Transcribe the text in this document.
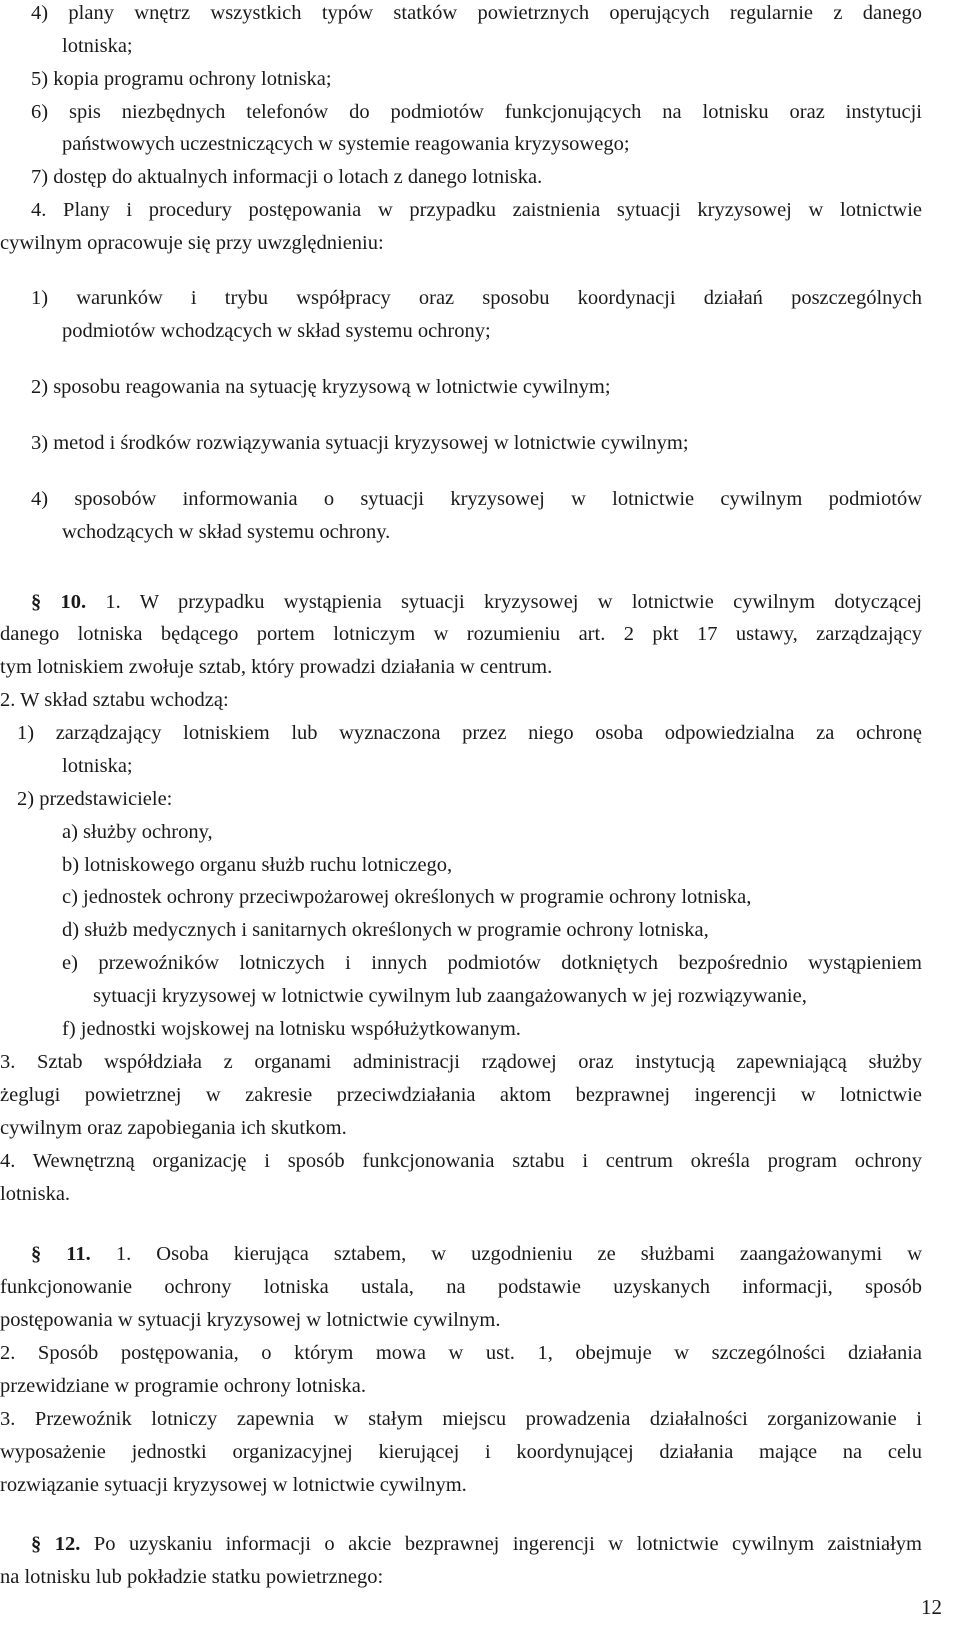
4) plany wnętrz wszystkich typów statków powietrznych operujących regularnie z danego
lotniska;
5) kopia programu ochrony lotniska;
6) spis niezbędnych telefonów do podmiotów funkcjonujących na lotnisku oraz instytucji
państwowych uczestniczących w systemie reagowania kryzysowego;
7) dostęp do aktualnych informacji o lotach z danego lotniska.
4. Plany i procedury postępowania w przypadku zaistnienia sytuacji kryzysowej w lotnictwie
cywilnym opracowuje się przy uwzględnieniu:
1) warunków i trybu współpracy oraz sposobu koordynacji działań poszczególnych
podmiotów wchodzących w skład systemu ochrony;
2) sposobu reagowania na sytuację kryzysową w lotnictwie cywilnym;
3) metod i środków rozwiązywania sytuacji kryzysowej w lotnictwie cywilnym;
4) sposobów informowania o sytuacji kryzysowej w lotnictwie cywilnym podmiotów
wchodzących w skład systemu ochrony.
§ 10. 1. W przypadku wystąpienia sytuacji kryzysowej w lotnictwie cywilnym dotyczącej
danego lotniska będącego portem lotniczym w rozumieniu art. 2 pkt 17 ustawy, zarządzający
tym lotniskiem zwołuje sztab, który prowadzi działania w centrum.
2. W skład sztabu wchodzą:
1) zarządzający lotniskiem lub wyznaczona przez niego osoba odpowiedzialna za ochronę
lotniska;
2) przedstawiciele:
a) służby ochrony,
b) lotniskowego organu służb ruchu lotniczego,
c) jednostek ochrony przeciwpożarowej określonych w programie ochrony lotniska,
d) służb medycznych i sanitarnych określonych w programie ochrony lotniska,
e) przewoźników lotniczych i innych podmiotów dotkniętych bezpośrednio wystąpieniem
sytuacji kryzysowej w lotnictwie cywilnym lub zaangażowanych w jej rozwiązywanie,
f) jednostki wojskowej na lotnisku współużytkowanym.
3. Sztab współdziała z organami administracji rządowej oraz instytucją zapewniającą służby
żeglugi powietrznej w zakresie przeciwdziałania aktom bezprawnej ingerencji w lotnictwie
cywilnym oraz zapobiegania ich skutkom.
4. Wewnętrzną organizację i sposób funkcjonowania sztabu i centrum określa program ochrony
lotniska.
§ 11. 1. Osoba kierująca sztabem, w uzgodnieniu ze służbami zaangażowanymi w
funkcjonowanie ochrony lotniska ustala, na podstawie uzyskanych informacji, sposób
postępowania w sytuacji kryzysowej w lotnictwie cywilnym.
2. Sposób postępowania, o którym mowa w ust. 1, obejmuje w szczególności działania
przewidziane w programie ochrony lotniska.
3. Przewoźnik lotniczy zapewnia w stałym miejscu prowadzenia działalności zorganizowanie i
wyposażenie jednostki organizacyjnej kierującej i koordynującej działania mające na celu
rozwiązanie sytuacji kryzysowej w lotnictwie cywilnym.
§ 12. Po uzyskaniu informacji o akcie bezprawnej ingerencji w lotnictwie cywilnym zaistniałym
na lotnisku lub pokładzie statku powietrznego:
12
